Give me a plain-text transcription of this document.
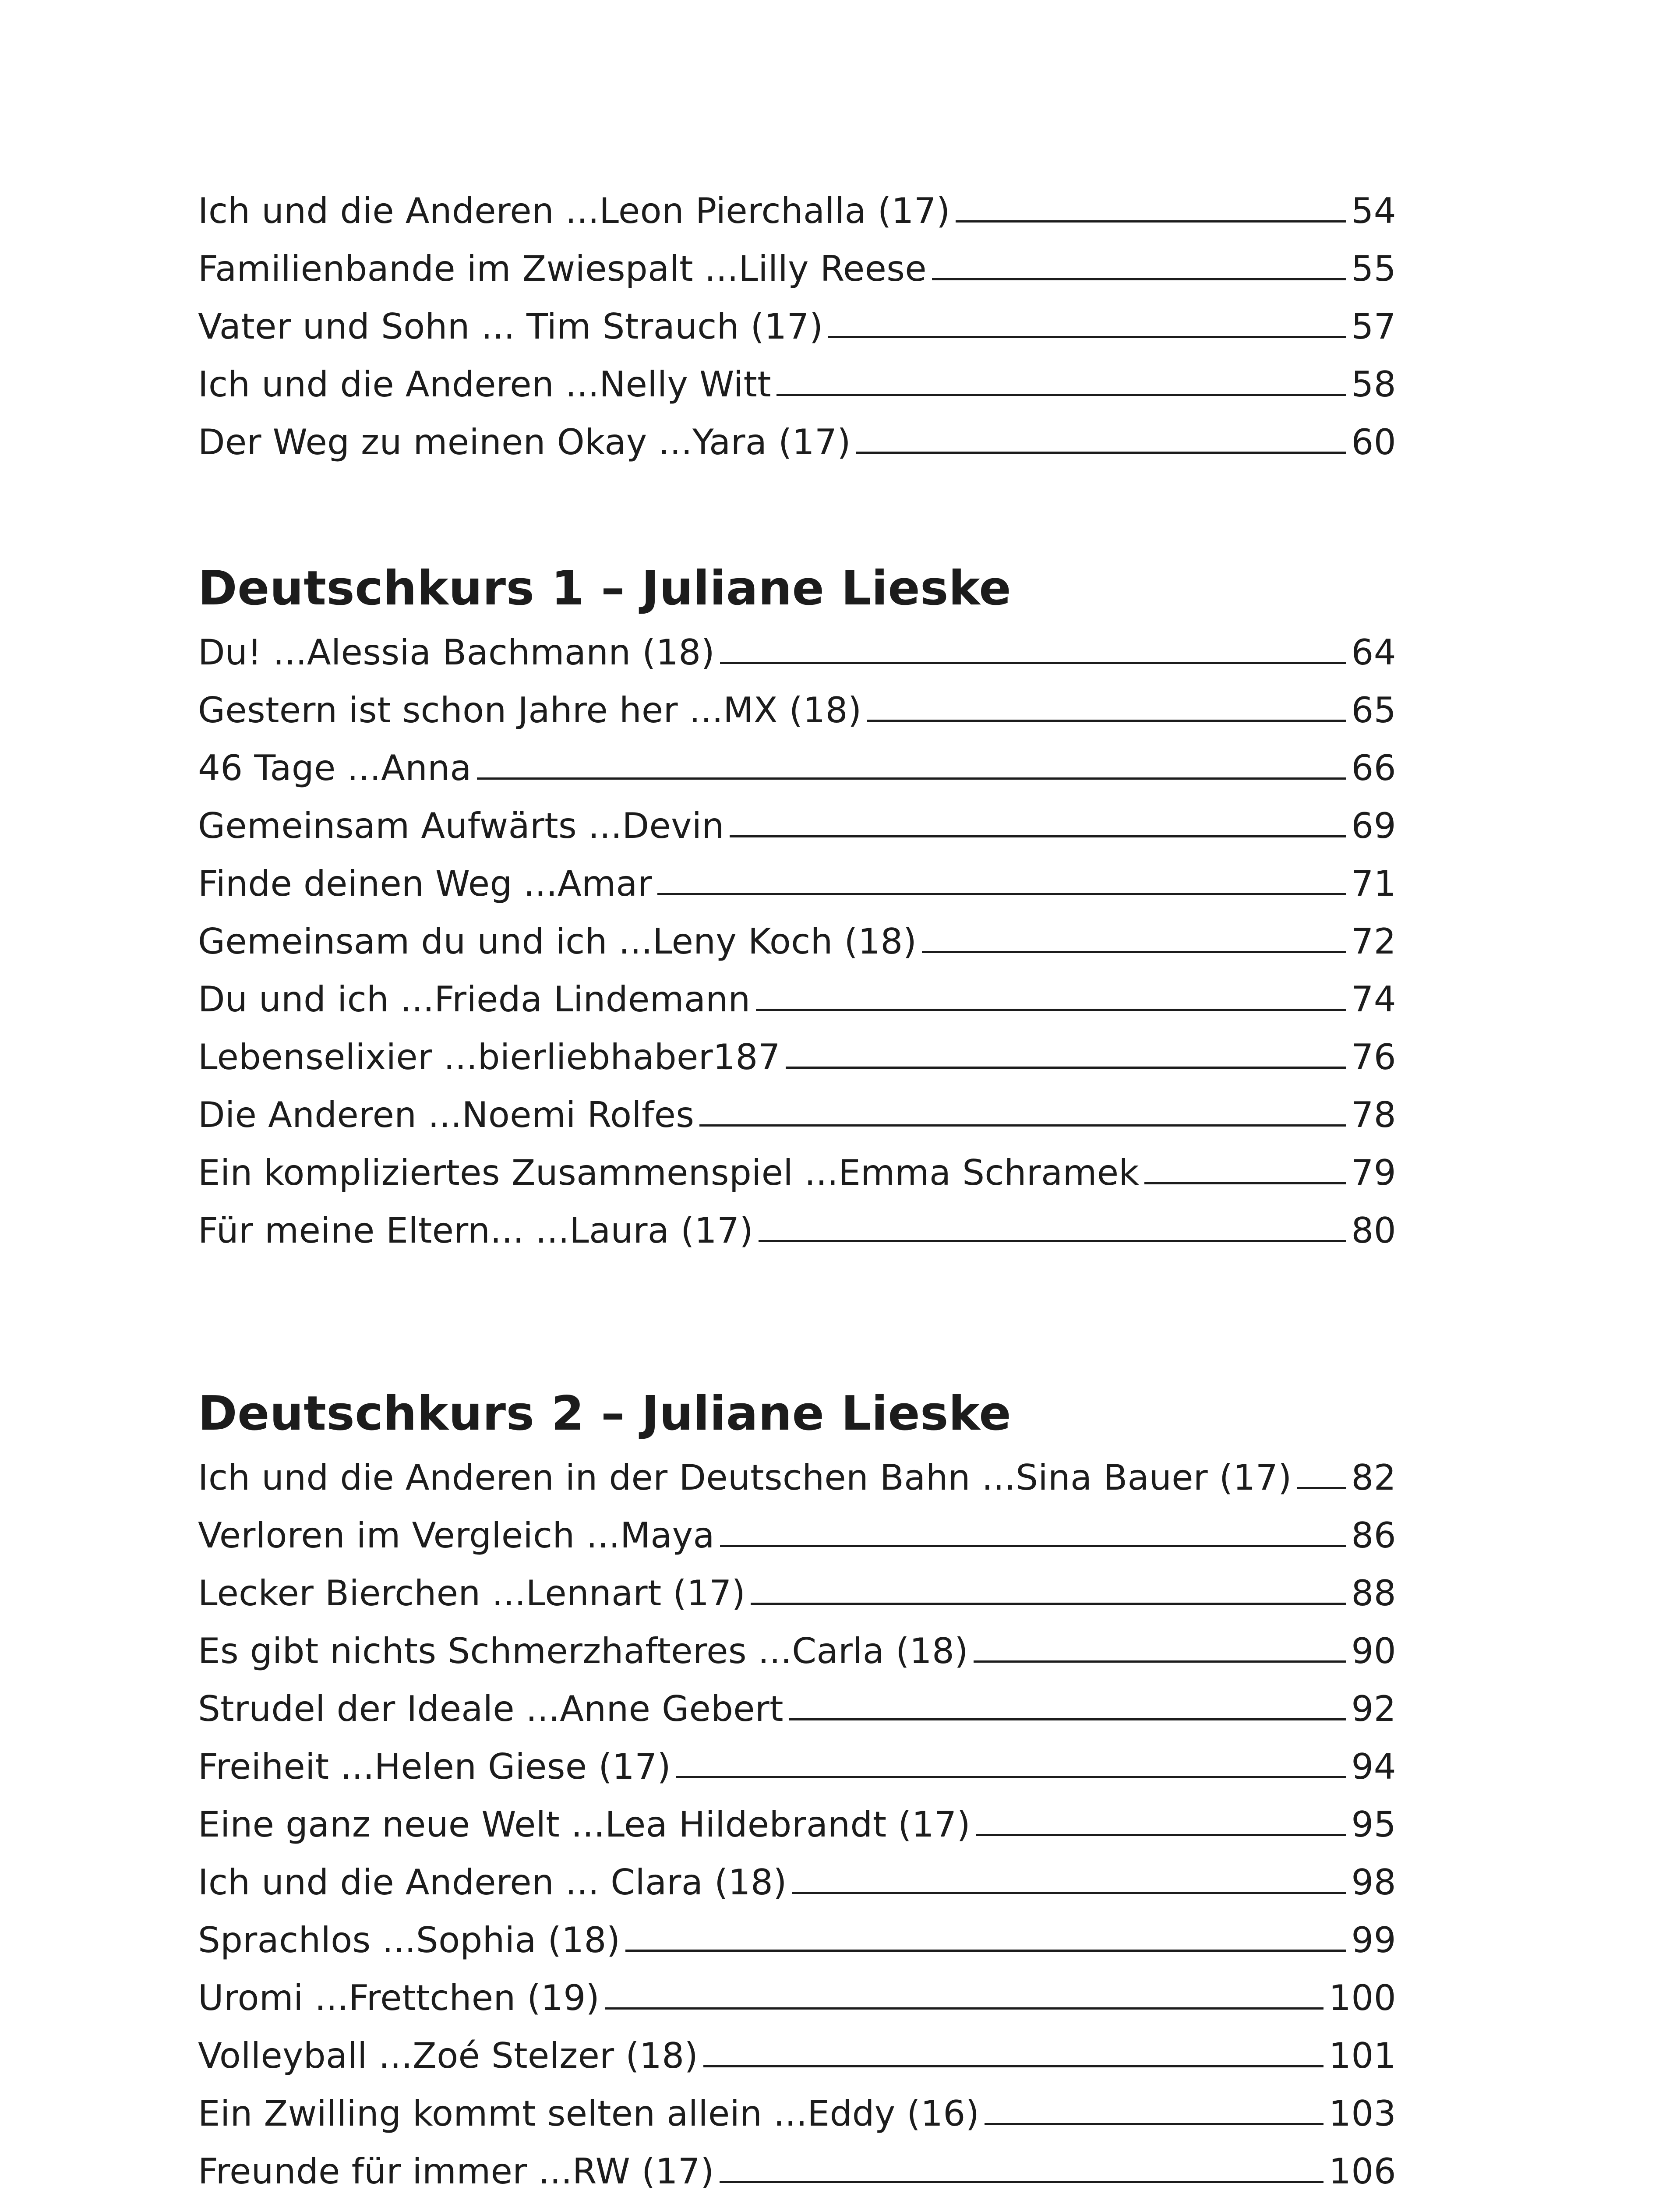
Ich und die Anderen ...Leon Pierchalla (17)	54
Familienbande im Zwiespalt ...Lilly Reese	55
Vater und Sohn ... Tim Strauch (17)	57
Ich und die Anderen ...Nelly Witt	58
Der Weg zu meinen Okay ...Yara (17)	60
Deutschkurs 1 – Juliane Lieske
Du! ...Alessia Bachmann (18)	64
Gestern ist schon Jahre her ...MX (18)	65
46 Tage ...Anna	66
Gemeinsam Aufwärts ...Devin	69
Finde deinen Weg ...Amar	71
Gemeinsam du und ich ...Leny Koch (18)	72
Du und ich ...Frieda Lindemann	74
Lebenselixier ...bierliebhaber187	76
Die Anderen ...Noemi Rolfes	78
Ein kompliziertes Zusammenspiel ...Emma Schramek	79
Für meine Eltern... ...Laura (17)	80
Deutschkurs 2 – Juliane Lieske
Ich und die Anderen in der Deutschen Bahn ...Sina Bauer (17) 82
Verloren im Vergleich ...Maya	86
Lecker Bierchen ...Lennart (17)	88
Es gibt nichts Schmerzhafteres ...Carla (18)	90
Strudel der Ideale ...Anne Gebert	92
Freiheit ...Helen Giese (17)	94
Eine ganz neue Welt ...Lea Hildebrandt (17)	95
Ich und die Anderen ... Clara (18)	98
Sprachlos ...Sophia (18)	99
Uromi ...Frettchen (19)	100
Volleyball ...Zoé Stelzer (18)	101
Ein Zwilling kommt selten allein ...Eddy (16)	103
Freunde für immer ...RW (17)	106
